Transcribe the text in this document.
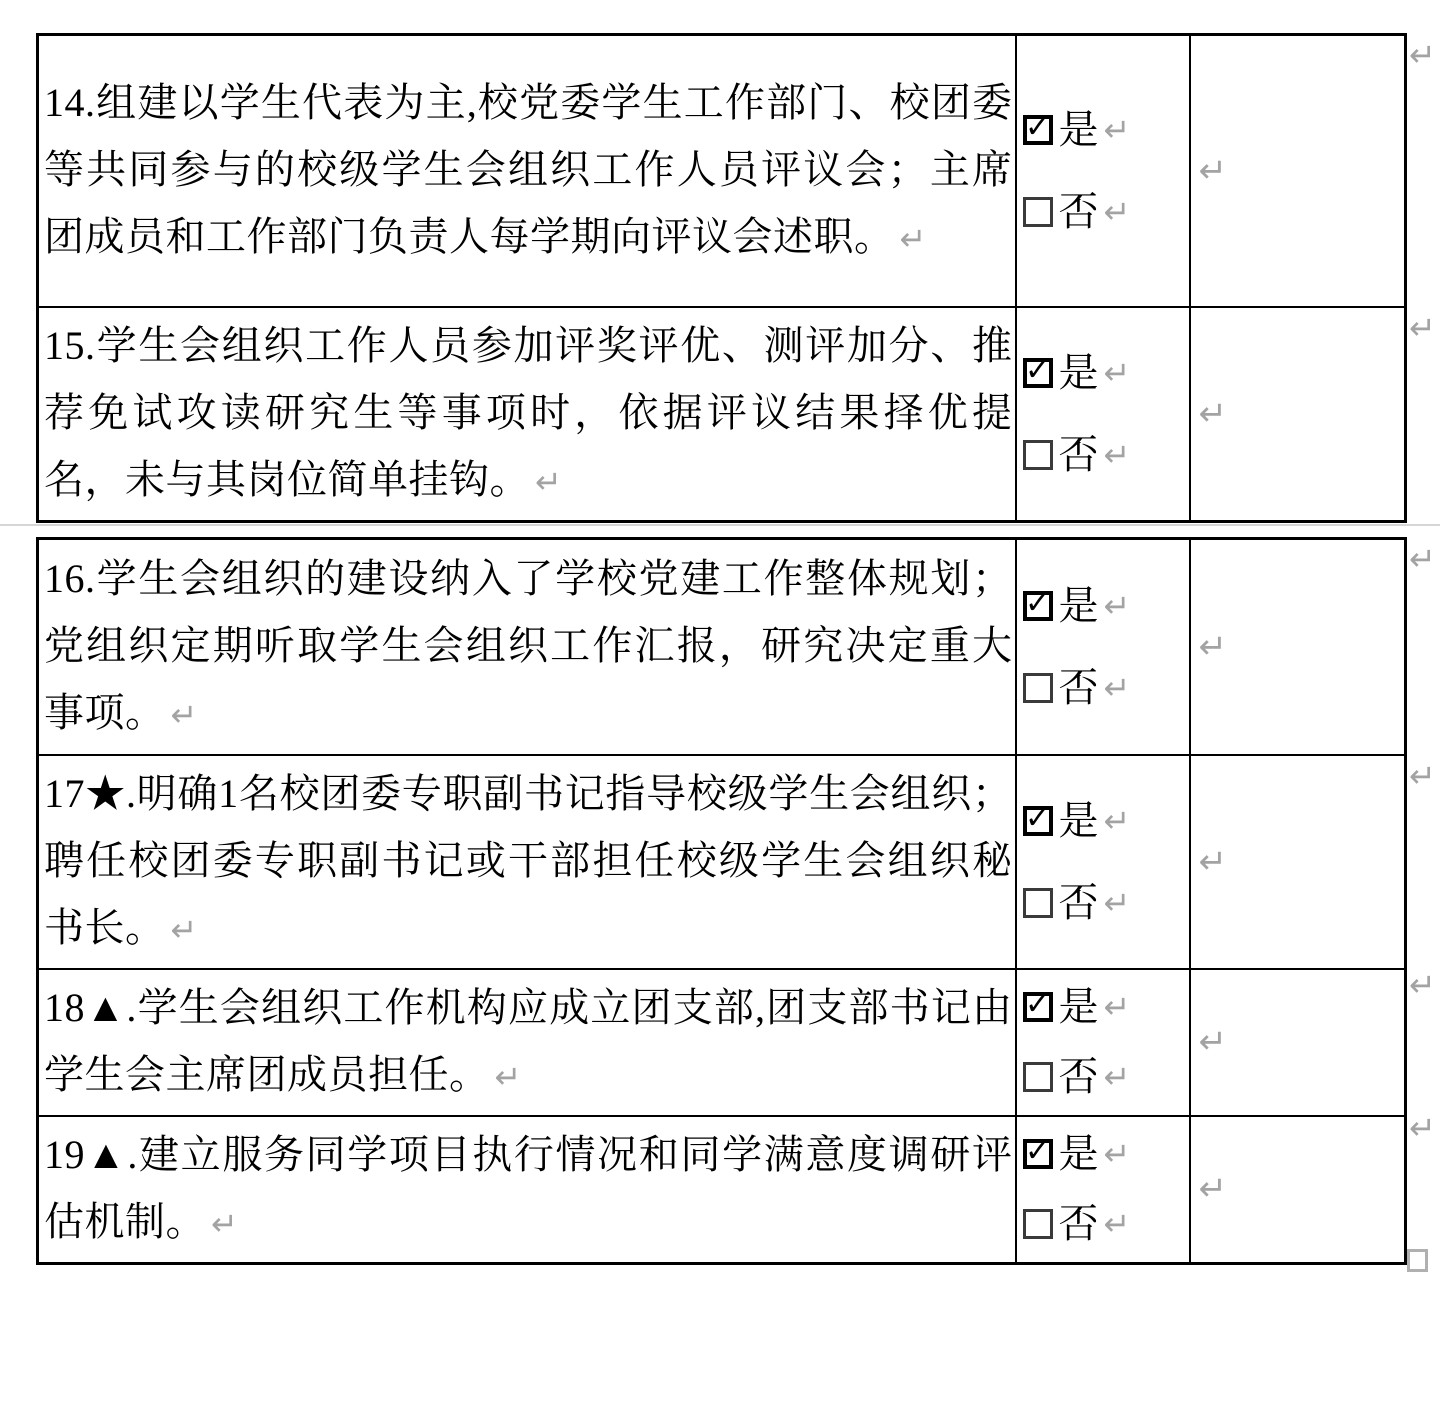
14.组建以学生代表为主,校党委学生工作部门、校团委等共同参与的校级学生会组织工作人员评议会；主席团成员和工作部门负责人每学期向评议会述职。 ↵	✓ 是 ↵
否 ↵	↵
15.学生会组织工作人员参加评奖评优、测评加分、推荐免试攻读研究生等事项时，依据评议结果择优提名，未与其岗位简单挂钩。 ↵	✓ 是 ↵
否 ↵	↵
16.学生会组织的建设纳入了学校党建工作整体规划；党组织定期听取学生会组织工作汇报，研究决定重大事项。 ↵	✓ 是 ↵
否 ↵	↵
17★.明确1名校团委专职副书记指导校级学生会组织；聘任校团委专职副书记或干部担任校级学生会组织秘书长。 ↵	✓ 是 ↵
否 ↵	↵
18▲.学生会组织工作机构应成立团支部,团支部书记由学生会主席团成员担任。 ↵	✓ 是 ↵
否 ↵	↵
19▲.建立服务同学项目执行情况和同学满意度调研评估机制。 ↵	✓ 是 ↵
否 ↵	↵
↵
↵
↵
↵
↵
↵
